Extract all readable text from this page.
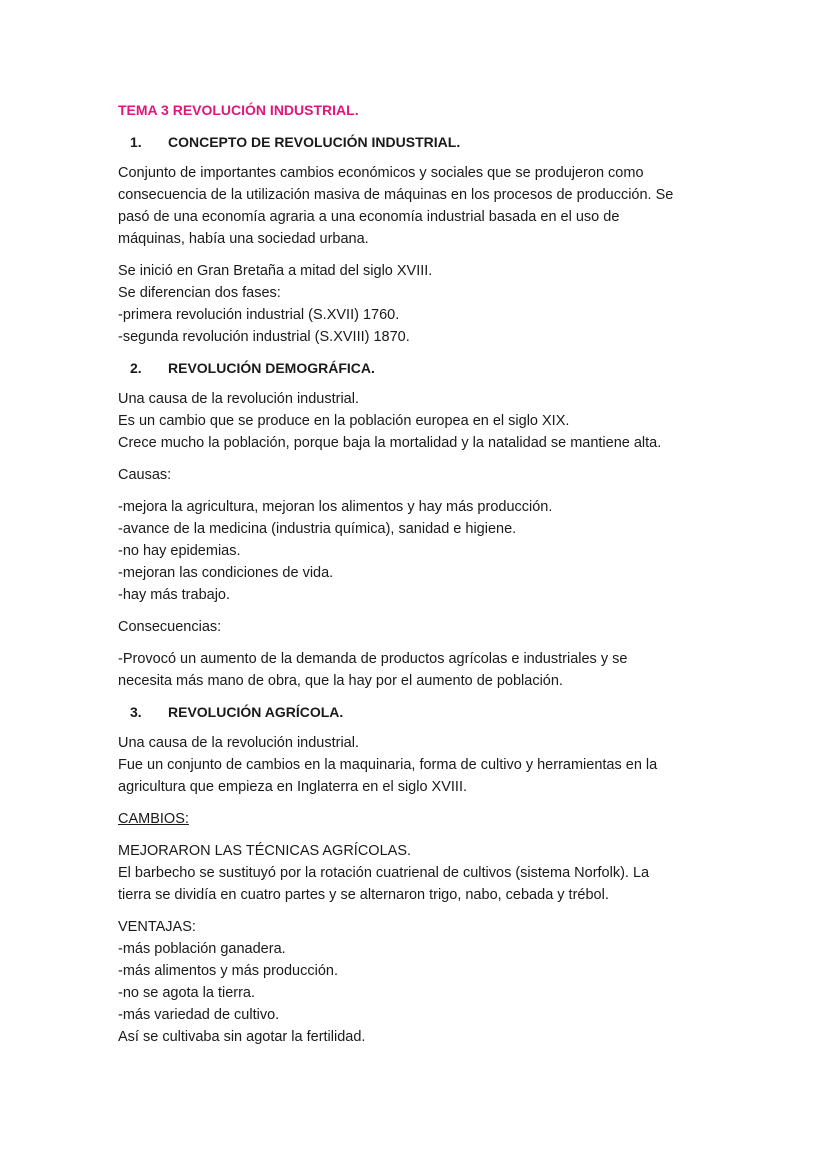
TEMA 3 REVOLUCIÓN INDUSTRIAL.
1. CONCEPTO DE REVOLUCIÓN INDUSTRIAL.

Conjunto de importantes cambios económicos y sociales que se produjeron como
consecuencia de la utilización masiva de máquinas en los procesos de producción. Se
pasó de una economía agraria a una economía industrial basada en el uso de
máquinas, había una sociedad urbana.

Se inició en Gran Bretaña a mitad del siglo XVIII.
Se diferencian dos fases:
-primera revolución industrial (S.XVII) 1760.
-segunda revolución industrial (S.XVIII) 1870.

2. REVOLUCIÓN DEMOGRÁFICA.

Una causa de la revolución industrial.
Es un cambio que se produce en la población europea en el siglo XIX.
Crece mucho la población, porque baja la mortalidad y la natalidad se mantiene alta.

Causas:

-mejora la agricultura, mejoran los alimentos y hay más producción.
-avance de la medicina (industria química), sanidad e higiene.
-no hay epidemias.
-mejoran las condiciones de vida.
-hay más trabajo.

Consecuencias:

-Provocó un aumento de la demanda de productos agrícolas e industriales y se
necesita más mano de obra, que la hay por el aumento de población.

3. REVOLUCIÓN AGRÍCOLA.

Una causa de la revolución industrial.
Fue un conjunto de cambios en la maquinaria, forma de cultivo y herramientas en la
agricultura que empieza en Inglaterra en el siglo XVIII.

CAMBIOS:

MEJORARON LAS TÉCNICAS AGRÍCOLAS.
El barbecho se sustituyó por la rotación cuatrienal de cultivos (sistema Norfolk). La
tierra se dividía en cuatro partes y se alternaron trigo, nabo, cebada y trébol.

VENTAJAS:
-más población ganadera.
-más alimentos y más producción.
-no se agota la tierra.
-más variedad de cultivo.
Así se cultivaba sin agotar la fertilidad.
